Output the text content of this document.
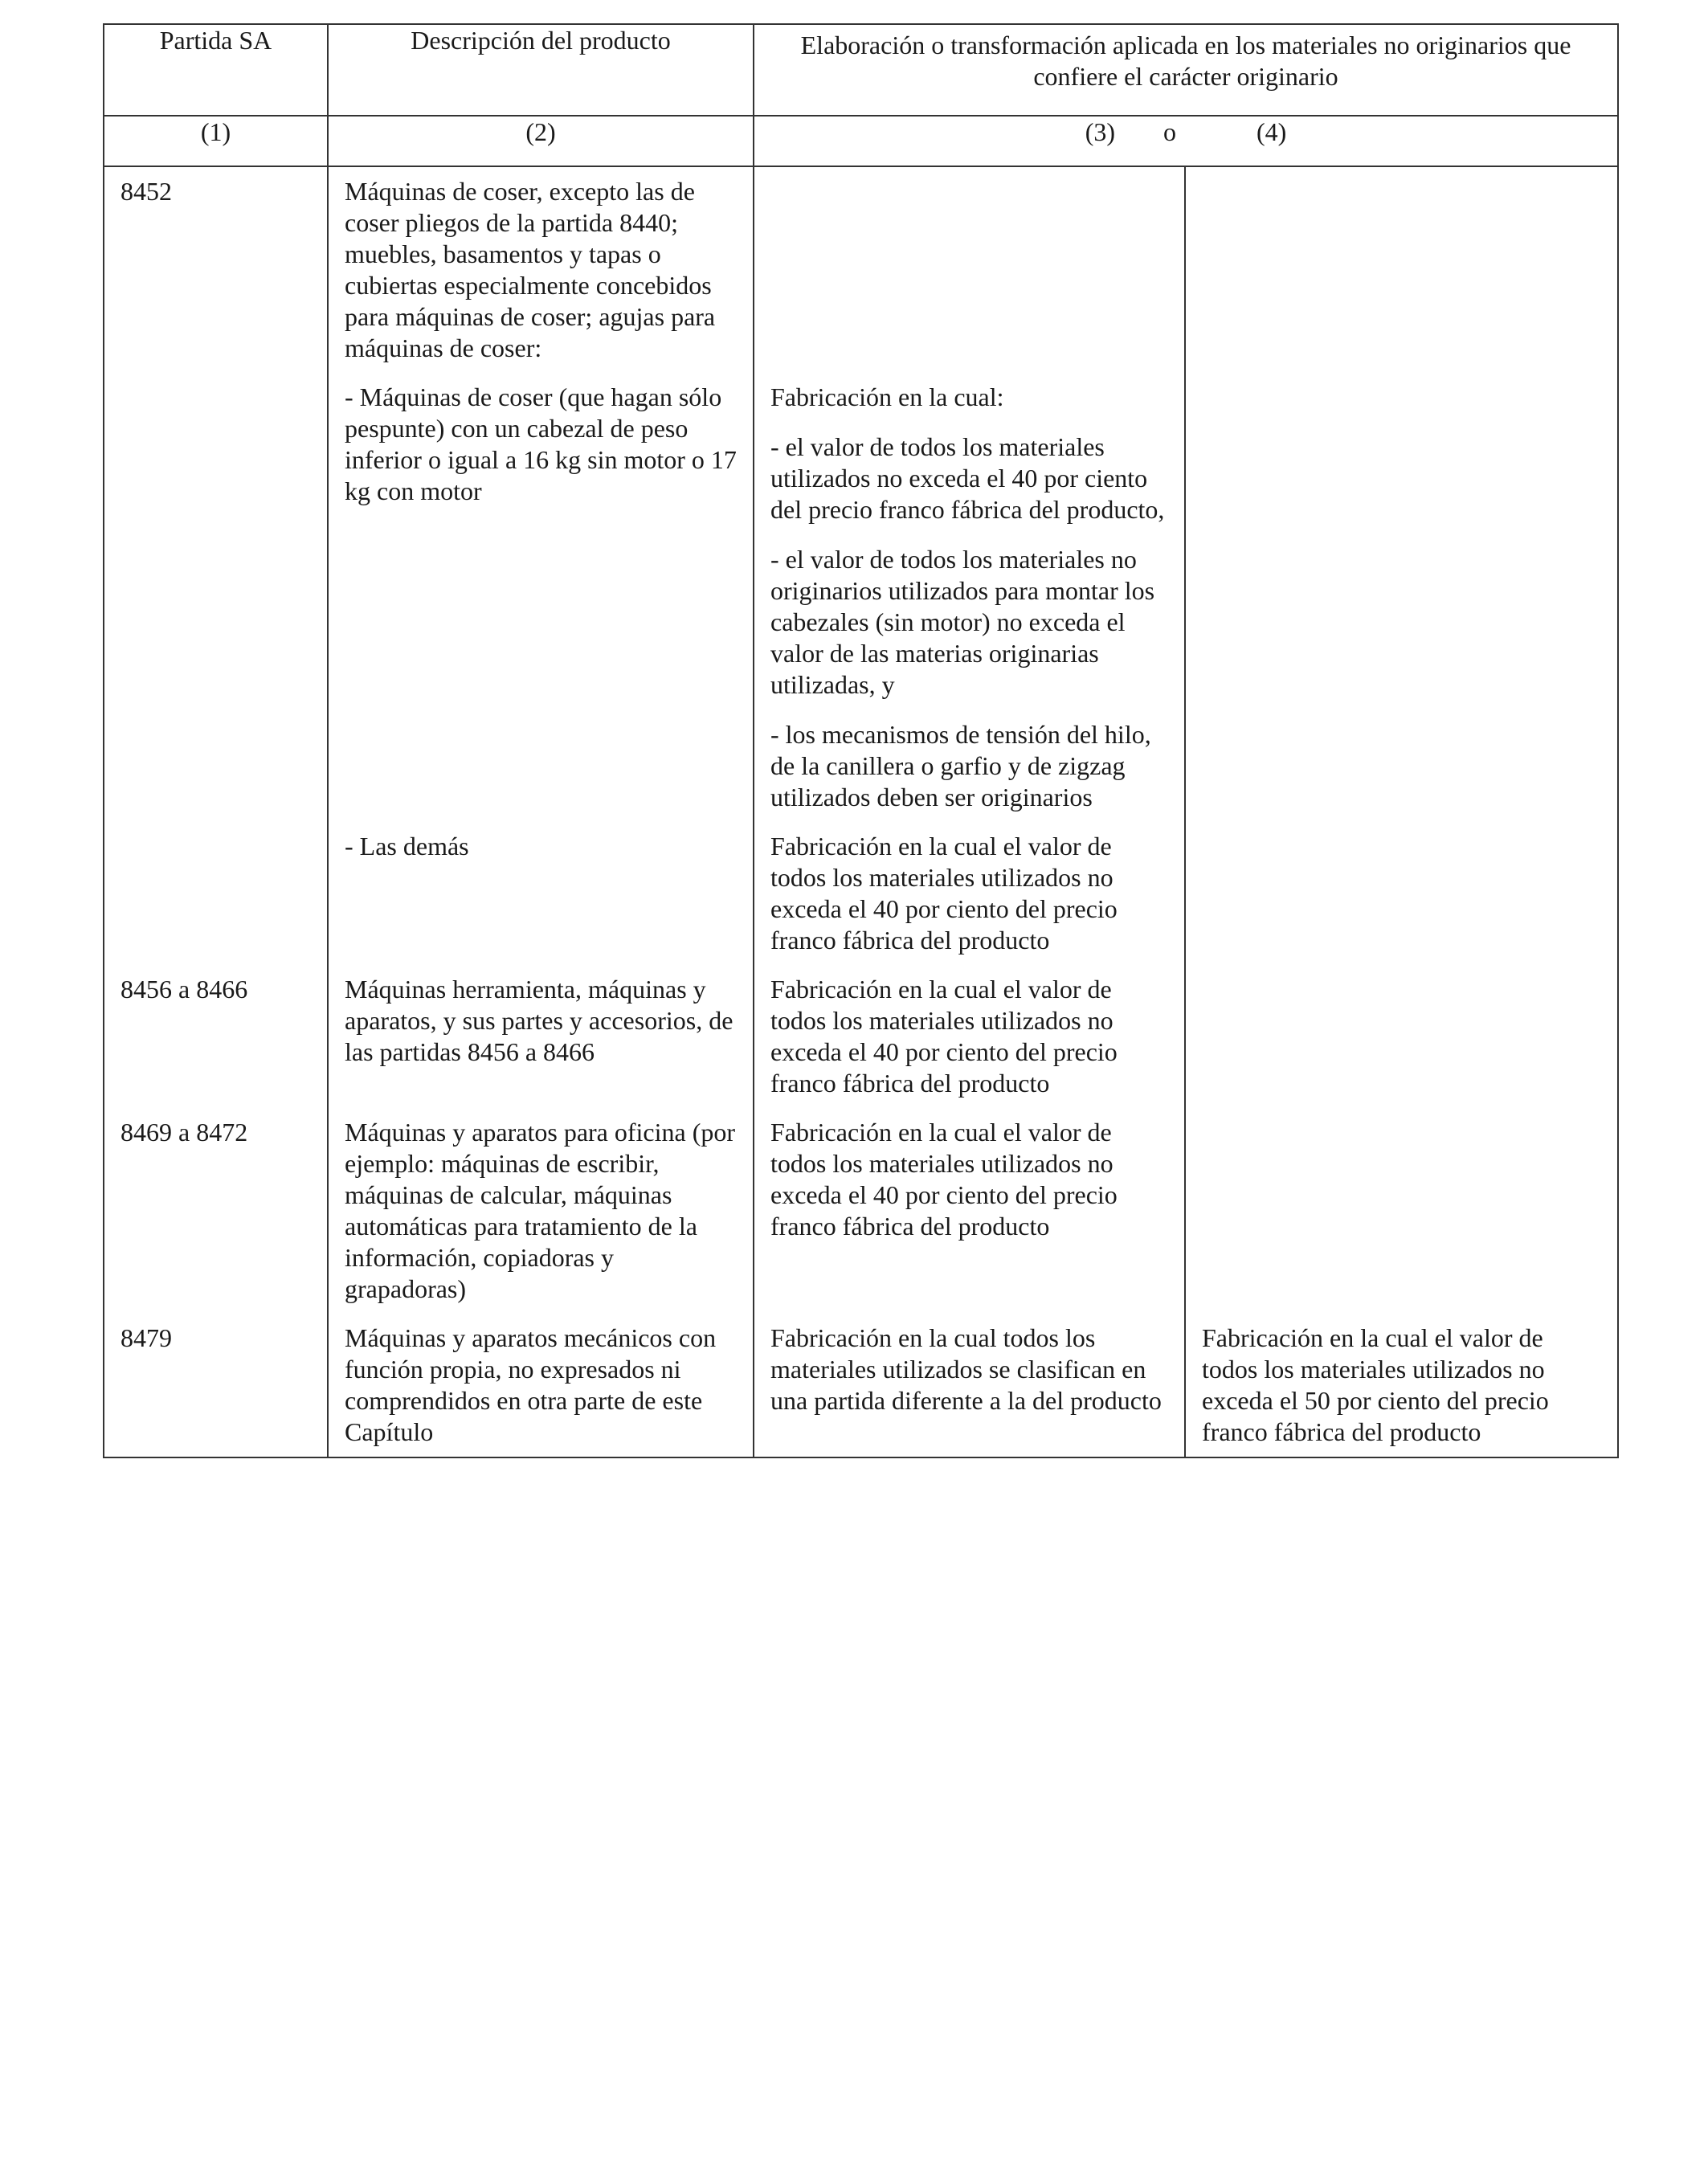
Partida SA	Descripción del producto	Elaboración o transformación aplicada en los materiales no originarios que confiere el carácter originario	
(1)	(2)	(3) o (4)	

8452	Máquinas de coser, excepto las de coser pliegos de la partida 8440; muebles, basamentos y tapas o cubiertas especialmente concebidos para máquinas de coser; agujas para máquinas de coser:		

	- Máquinas de coser (que hagan sólo pespunte) con un cabezal de peso inferior o igual a 16 kg sin motor o 17 kg con motor	Fabricación en la cual:
- el valor de todos los materiales utilizados no exceda el 40 por ciento del precio franco fábrica del producto,
- el valor de todos los materiales no originarios utilizados para montar los cabezales (sin motor) no exceda el valor de las materias originarias utilizadas, y
- los mecanismos de tensión del hilo, de la canillera o garfio y de zigzag utilizados deben ser originarios	

	- Las demás	Fabricación en la cual el valor de todos los materiales utilizados no exceda el 40 por ciento del precio franco fábrica del producto	

8456 a 8466	Máquinas herramienta, máquinas y aparatos, y sus partes y accesorios, de las partidas 8456 a 8466	Fabricación en la cual el valor de todos los materiales utilizados no exceda el 40 por ciento del precio franco fábrica del producto	

8469 a 8472	Máquinas y aparatos para oficina (por ejemplo: máquinas de escribir, máquinas de calcular, máquinas automáticas para tratamiento de la información, copiadoras y grapadoras)	Fabricación en la cual el valor de todos los materiales utilizados no exceda el 40 por ciento del precio franco fábrica del producto	

8479	Máquinas y aparatos mecánicos con función propia, no expresados ni comprendidos en otra parte de este Capítulo	Fabricación en la cual todos los materiales utilizados se clasifican en una partida diferente a la del producto	Fabricación en la cual el valor de todos los materiales utilizados no exceda el 50 por ciento del precio franco fábrica del producto
